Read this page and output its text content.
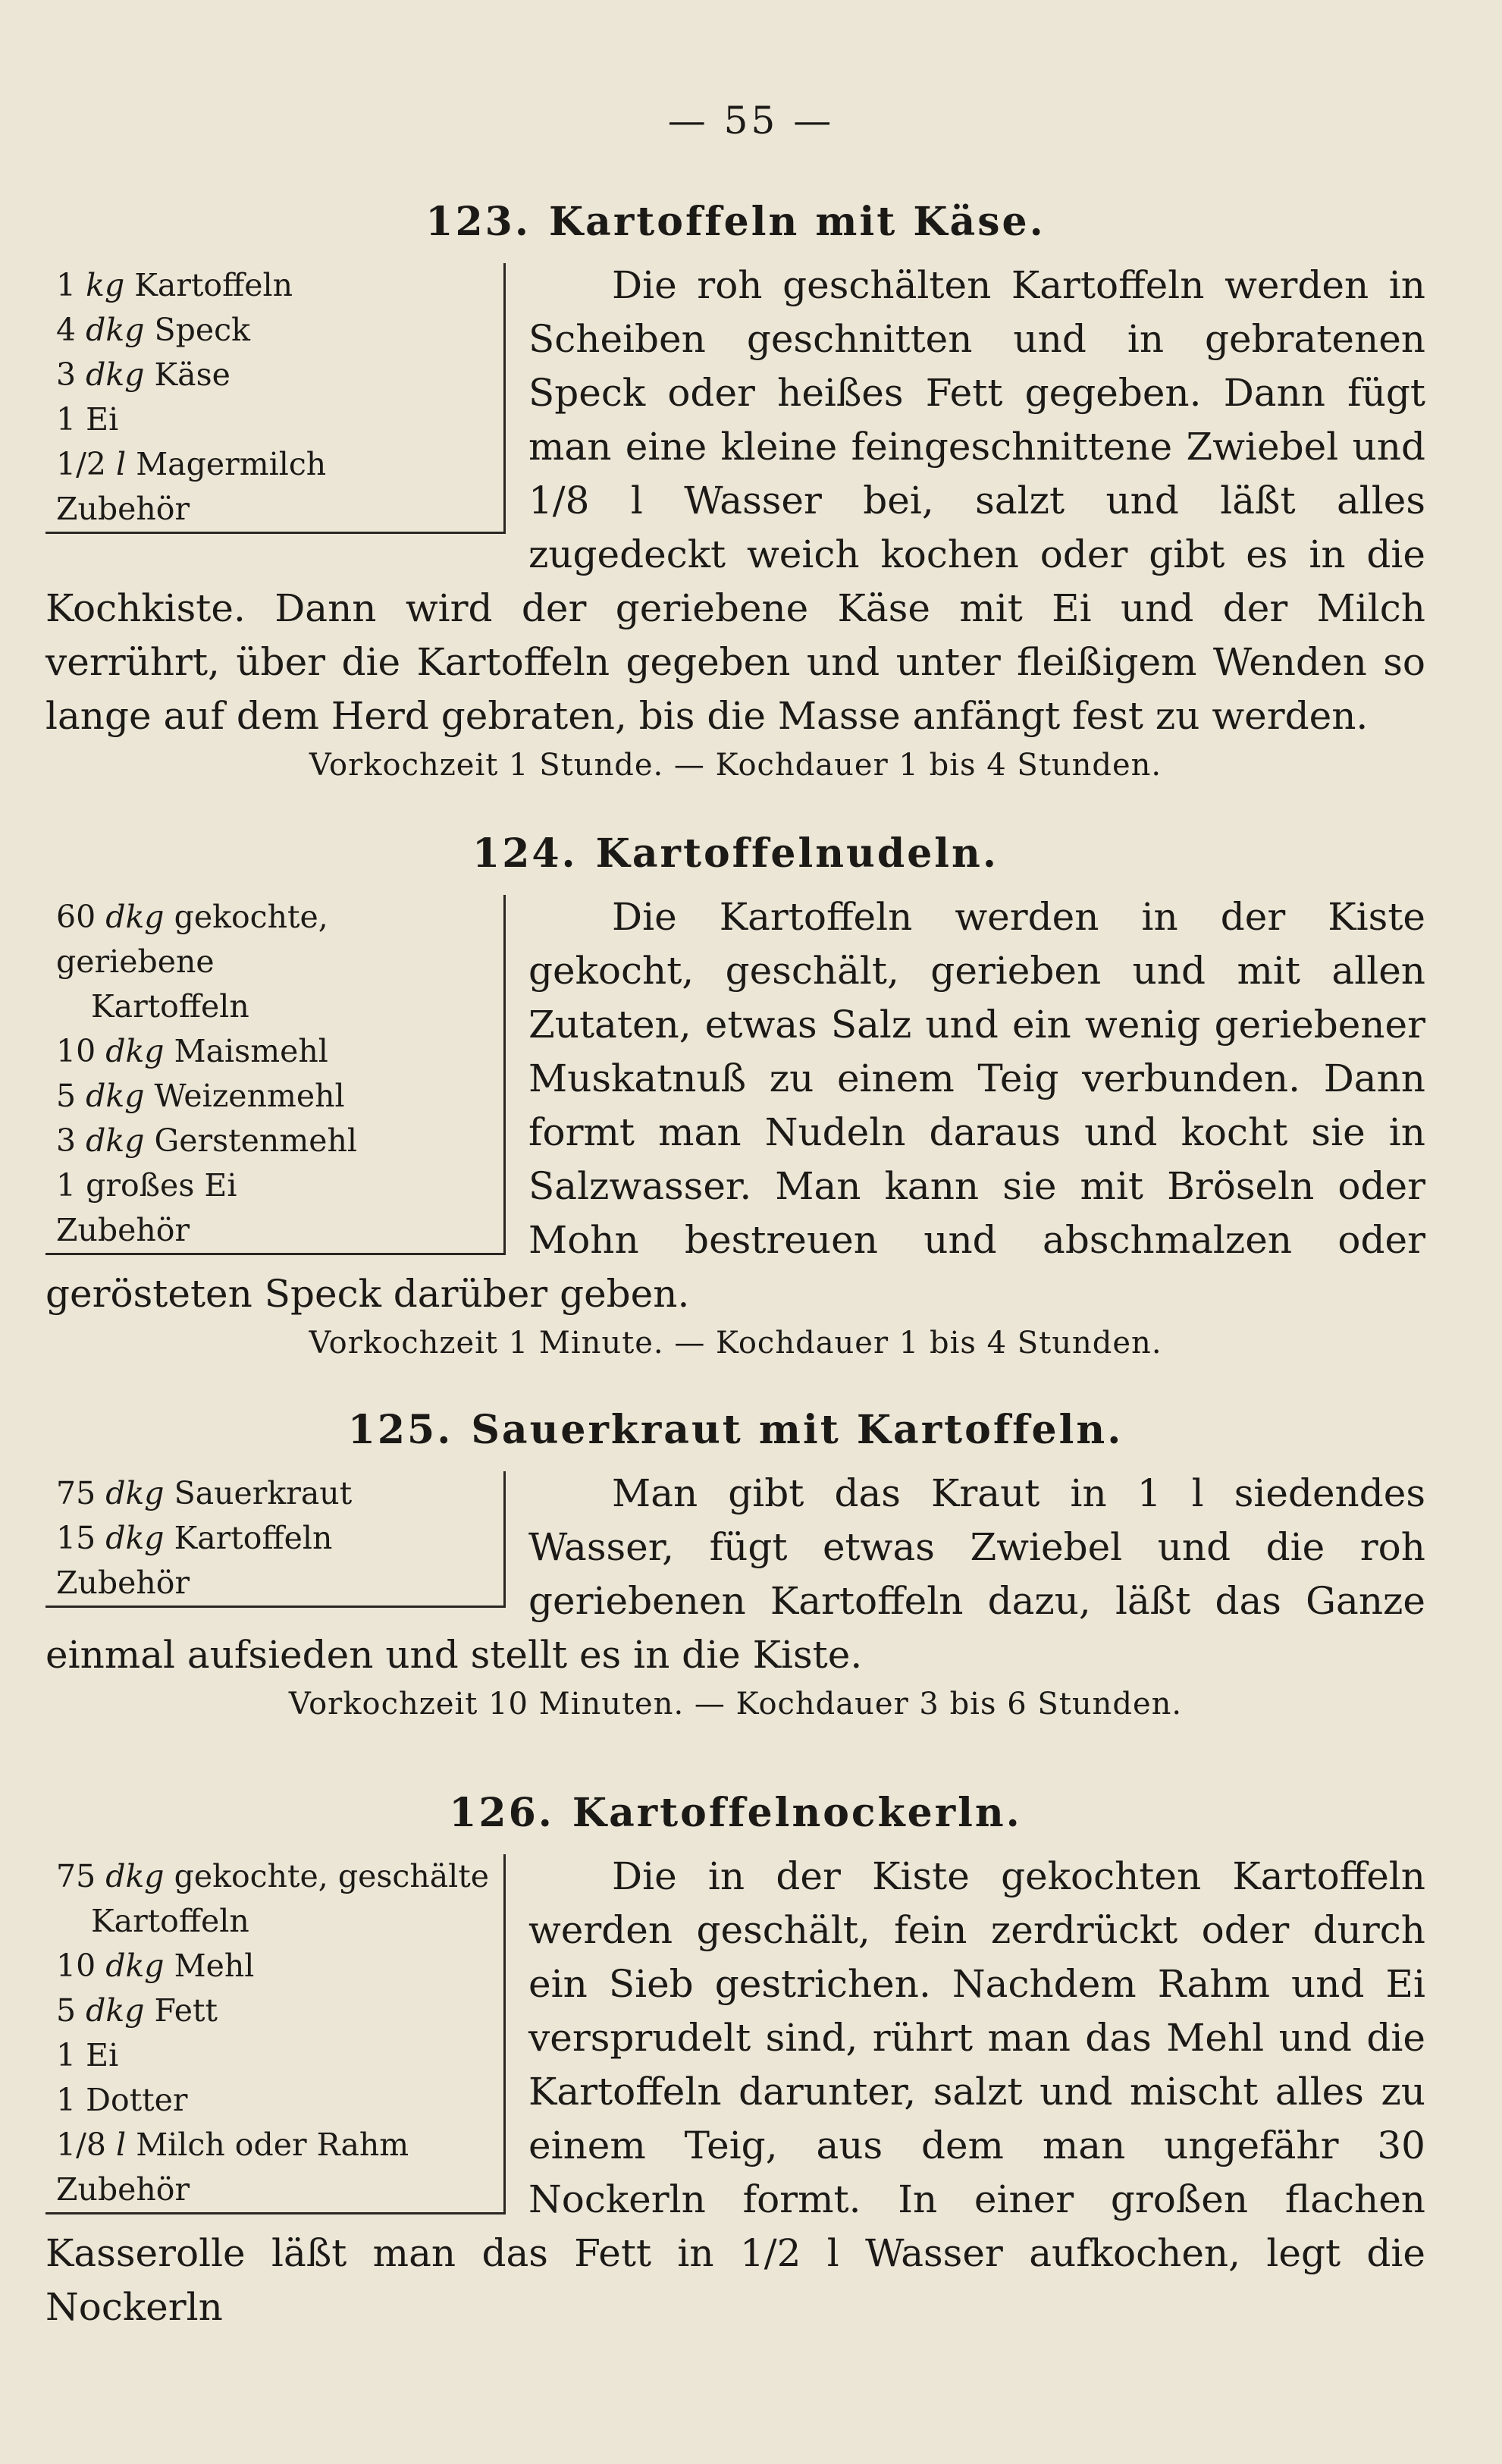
— 55 —
123. Kartoffeln mit Käse.
1 kg Kartoffeln
4 dkg Speck
3 dkg Käse
1 Ei
1/2 l Magermilch
Zubehör

Die roh geschälten Kartoffeln werden in Scheiben geschnitten und in gebratenen Speck oder heißes Fett gegeben. Dann fügt man eine kleine feingeschnittene Zwiebel und 1/8 l Wasser bei, salzt und läßt alles zugedeckt weich kochen oder gibt es in die Kochkiste. Dann wird der geriebene Käse mit Ei und der Milch verrührt, über die Kartoffeln gegeben und unter fleißigem Wenden so lange auf dem Herd gebraten, bis die Masse anfängt fest zu werden.

Vorkochzeit 1 Stunde. — Kochdauer 1 bis 4 Stunden.
124. Kartoffelnudeln.
60 dkg gekochte, geriebene
Kartoffeln
10 dkg Maismehl
5 dkg Weizenmehl
3 dkg Gerstenmehl
1 großes Ei
Zubehör

Die Kartoffeln werden in der Kiste gekocht, geschält, gerieben und mit allen Zutaten, etwas Salz und ein wenig geriebener Muskatnuß zu einem Teig verbunden. Dann formt man Nudeln daraus und kocht sie in Salzwasser. Man kann sie mit Bröseln oder Mohn bestreuen und abschmalzen oder gerösteten Speck darüber geben.

Vorkochzeit 1 Minute. — Kochdauer 1 bis 4 Stunden.
125. Sauerkraut mit Kartoffeln.
75 dkg Sauerkraut
15 dkg Kartoffeln
Zubehör

Man gibt das Kraut in 1 l siedendes Wasser, fügt etwas Zwiebel und die roh geriebenen Kartoffeln dazu, läßt das Ganze einmal aufsieden und stellt es in die Kiste.

Vorkochzeit 10 Minuten. — Kochdauer 3 bis 6 Stunden.
126. Kartoffelnockerln.
75 dkg gekochte, geschälte
Kartoffeln
10 dkg Mehl
5 dkg Fett
1 Ei
1 Dotter
1/8 l Milch oder Rahm
Zubehör

Die in der Kiste gekochten Kartoffeln werden geschält, fein zerdrückt oder durch ein Sieb gestrichen. Nachdem Rahm und Ei versprudelt sind, rührt man das Mehl und die Kartoffeln darunter, salzt und mischt alles zu einem Teig, aus dem man ungefähr 30 Nockerln formt. In einer großen flachen Kasserolle läßt man das Fett in 1/2 l Wasser aufkochen, legt die Nockerln
